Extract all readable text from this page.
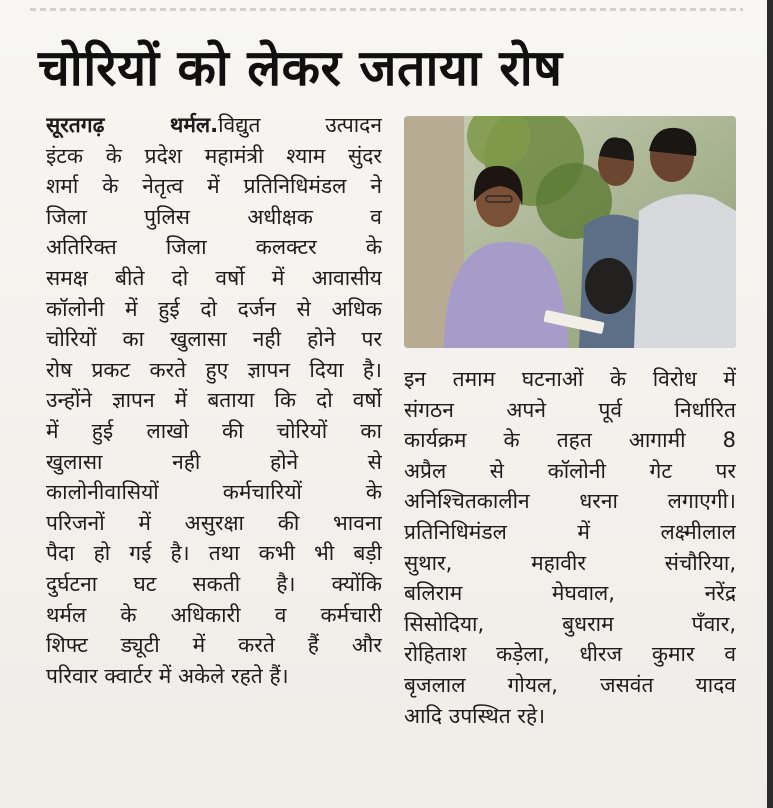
चोरियों को लेकर जताया रोष
सूरतगढ़ थर्मल.विद्युत उत्पादन
इंटक के प्रदेश महामंत्री श्याम सुंदर
शर्मा के नेतृत्व में प्रतिनिधिमंडल ने
जिला पुलिस अधीक्षक व
अतिरिक्त जिला कलक्टर के
समक्ष बीते दो वर्षो में आवासीय
कॉलोनी में हुई दो दर्जन से अधिक
चोरियों का खुलासा नही होने पर
रोष प्रकट करते हुए ज्ञापन दिया है।
उन्होंने ज्ञापन में बताया कि दो वर्षो
में हुई लाखो की चोरियों का
खुलासा नही होने से
कालोनीवासियों कर्मचारियों के
परिजनों में असुरक्षा की भावना
पैदा हो गई है। तथा कभी भी बड़ी
दुर्घटना घट सकती है। क्योंकि
थर्मल के अधिकारी व कर्मचारी
शिफ्ट ड्यूटी में करते हैं और
परिवार क्वार्टर में अकेले रहते हैं।
इन तमाम घटनाओं के विरोध में
संगठन अपने पूर्व निर्धारित
कार्यक्रम के तहत आगामी 8
अप्रैल से कॉलोनी गेट पर
अनिश्चितकालीन धरना लगाएगी।
प्रतिनिधिमंडल में लक्ष्मीलाल
सुथार, महावीर संचौरिया,
बलिराम मेघवाल, नरेंद्र
सिसोदिया, बुधराम पँवार,
रोहिताश कड़ेला, धीरज कुमार व
बृजलाल गोयल, जसवंत यादव
आदि उपस्थित रहे।
